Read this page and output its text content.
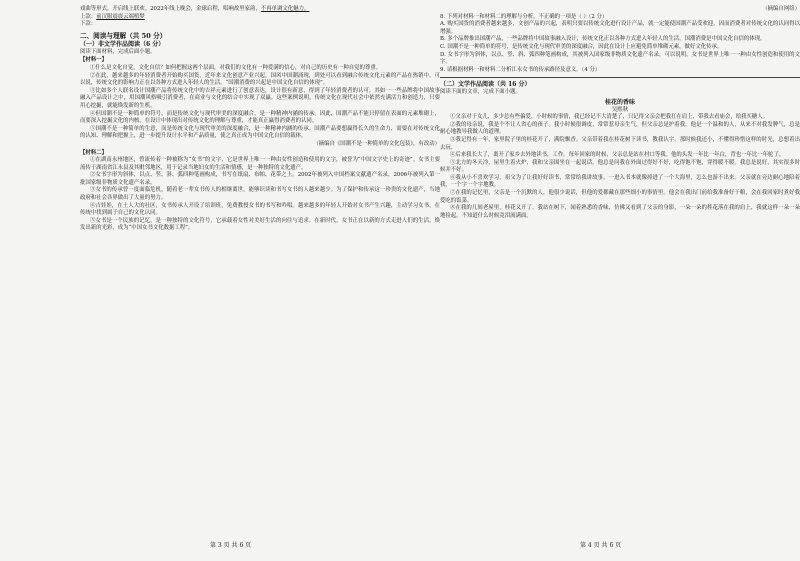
戏曲等形式，开启线上联欢。2022年线上晚会，金球启程，唱响故里家韵，不再单调文化魅力。

上款：前汉服震震云端植梦

下款：

二、阅读与理解（共 50 分）

（一）非文学作品阅读（6 分）

阅读下面材料，完成后面小题。

【材料一】

①什么是文化自觉，文化自信？如何把握这两个层面，对我们的文化有一种爱满的信心，对自己的历史有一种自觉的尊重。

②在此，越来越多的年轻消费者开始购买国货，近年来文化创意产业兴起，国风中国潮涌现，到处可以看到融合传统文化元素的产品在热销中，可以说，传统文化的影响力正在以各种方式进入年轻人的生活，“国潮消费的兴起是中国文化自信的体现”。

③比如多个人联名设计国潮产品将传统文化中的吉祥元素进行了创意表达，设计很有新意，得到了年轻消费者的认可，其如一一些品牌将中国故事融入产品设计之中，用国潮风格吸引消费者，在商业与文化的结合中实现了双赢。这些案例说明，传统文化在现代社会中依然充满活力和创造力，只要用心挖掘，就能焕发新的生机。

④但国潮不是一种简单的符号，而是传统文化与现代审美的深度融合，是一种精神内涵的传承。因此，国潮产品不能只停留在表面的元素堆砌上，而要深入挖掘文化的内核，在设计中体现出对传统文化的理解与尊重，才能真正赢得消费者的认同。

⑤国潮不是一种简单的生意，而是传统文化与现代审美的深度融合，是一种精神内涵的传承。国潮产品要想赢得长久的生命力，需要在对传统文化的认知、理解和把握上，进一步提升设计水平和产品质量，使之真正成为中国文化自信的载体。

（摘编自《国潮不是一种简单的文化包装》，有改动）

【材料二】

①在湖南永州地区，曾流传着一种被称为“女书”的文字，它是世界上唯一一种由女性创造和使用的文字，被誉为“中国文字史上的奇迹”。女书主要流传于湖南省江永县及其毗邻地区，用于记录当地妇女的生活和情感，是一种独特的文化遗产。

②女书字形为斜体，以点、竖、斜、弧四种笔画构成，书写在纸扇、布帕、花带之上。2002年被列入中国档案文献遗产名录，2006年被列入第一批国家级非物质文化遗产名录。

③女书的传承曾一度面临危机，随着老一辈女书传人的相继离世，能够识读和书写女书的人越来越少。为了保护和传承这一珍贵的文化遗产，当地政府和社会各界做出了大量的努力。

④吉娃娃，在土人大的社区，女书传承人开设了培训班，免费教授女书的书写和吟唱。越来越多的年轻人开始对女书产生兴趣，主动学习女书，在传统中找到属于自己的文化认同。

⑤女书是一个民族的记忆，是一种独特的文化符号，它承载着女性对美好生活的向往与追求。在新时代，女书正在以新的方式走进人们的生活，焕发出新的光彩，成为“中国女书文化数据工程”。

第 3 页 共 6 页

（摘编自网络）

8. 下列对材料一和材料二的理解与分析，不正确的一项是（ ）（2 分）

A. 购买国货的消费者越来越多，文创产品的兴起，表明只要以传统文化进行设计产品，就一定能使国潮产品受欢迎，因而消费者对传统文化的认同得以增强。

B. 多个品牌推出国潮产品，一些品牌将中国故事融入设计，传统文化正以各种方式进入年轻人的生活，国潮消费是中国文化自信的体现。

C. 国潮不是一种简单的符号，是传统文化与现代审美的深度融合，因此在设计上应避免简单堆砌元素，做好文化传承。

D. 女书字形为斜体，以点、竖、斜、弧四种笔画构成，其被列入国家级非物质文化遗产名录，可以说明，女书是世界上唯一一种由女性创造和使用的文字。

9. 请根据材料一和材料二分析江永女书的传承路径及意义。（4 分）

（二）文学作品阅读（共 16 分）

阅读下面的文章，完成下面小题。

桂花的香味

吴熙秋

①父亲对于女儿，多少总有些偏爱。小时候的事情，我已经记不大清楚了，只记得父亲会把我扛在肩上，带我去看庙会，给我买糖人。

②我的母亲说，我是个不让人省心的孩子。我小时候很调皮，常常惹母亲生气，但父亲总是护着我。他是一个温和的人，从来不对我发脾气，总是耐心地教导我做人的道理。

③我记得有一年，家里院子里的桂花开了，满院飘香。父亲带着我在桂花树下读书，教我认字。那时候我还小，不懂得珍惜这样的时光，总想着出去玩。

④后来我长大了，离开了家乡去外地读书，工作。每年回家的时候，父亲总是站在村口等我。他的头发一年比一年白，背也一年比一年驼了。

⑤北方的冬天冷，屋里生着火炉，我和父亲围坐在一起说话。他总是问我在外面过得好不好，吃得饱不饱，穿得暖不暖。我总是说好，其实很多时候并不好。

⑥我从小不喜欢学习，祖父为了让我好好读书，常常给我讲故事。一进入书本就像掉进了一个大海里，怎么也游不出来。父亲就在旁边耐心地陪着我，一个字一个字地教。

⑦在我的记忆里，父亲是一个沉默的人，他很少说话，但他的爱都藏在那些细小的事情里。他会在我出门前给我准备好干粮，会在我回家时煮好我爱吃的饭菜。

⑧在我的几间老屋里，桂花又开了。我站在树下，闻着熟悉的香味，仿佛又看到了父亲的身影，一朵一朵的桂花落在我的肩上，我就这样一朵一朵地捡起，不知道什么时候竟泪流满面。

第 4 页 共 6 页
